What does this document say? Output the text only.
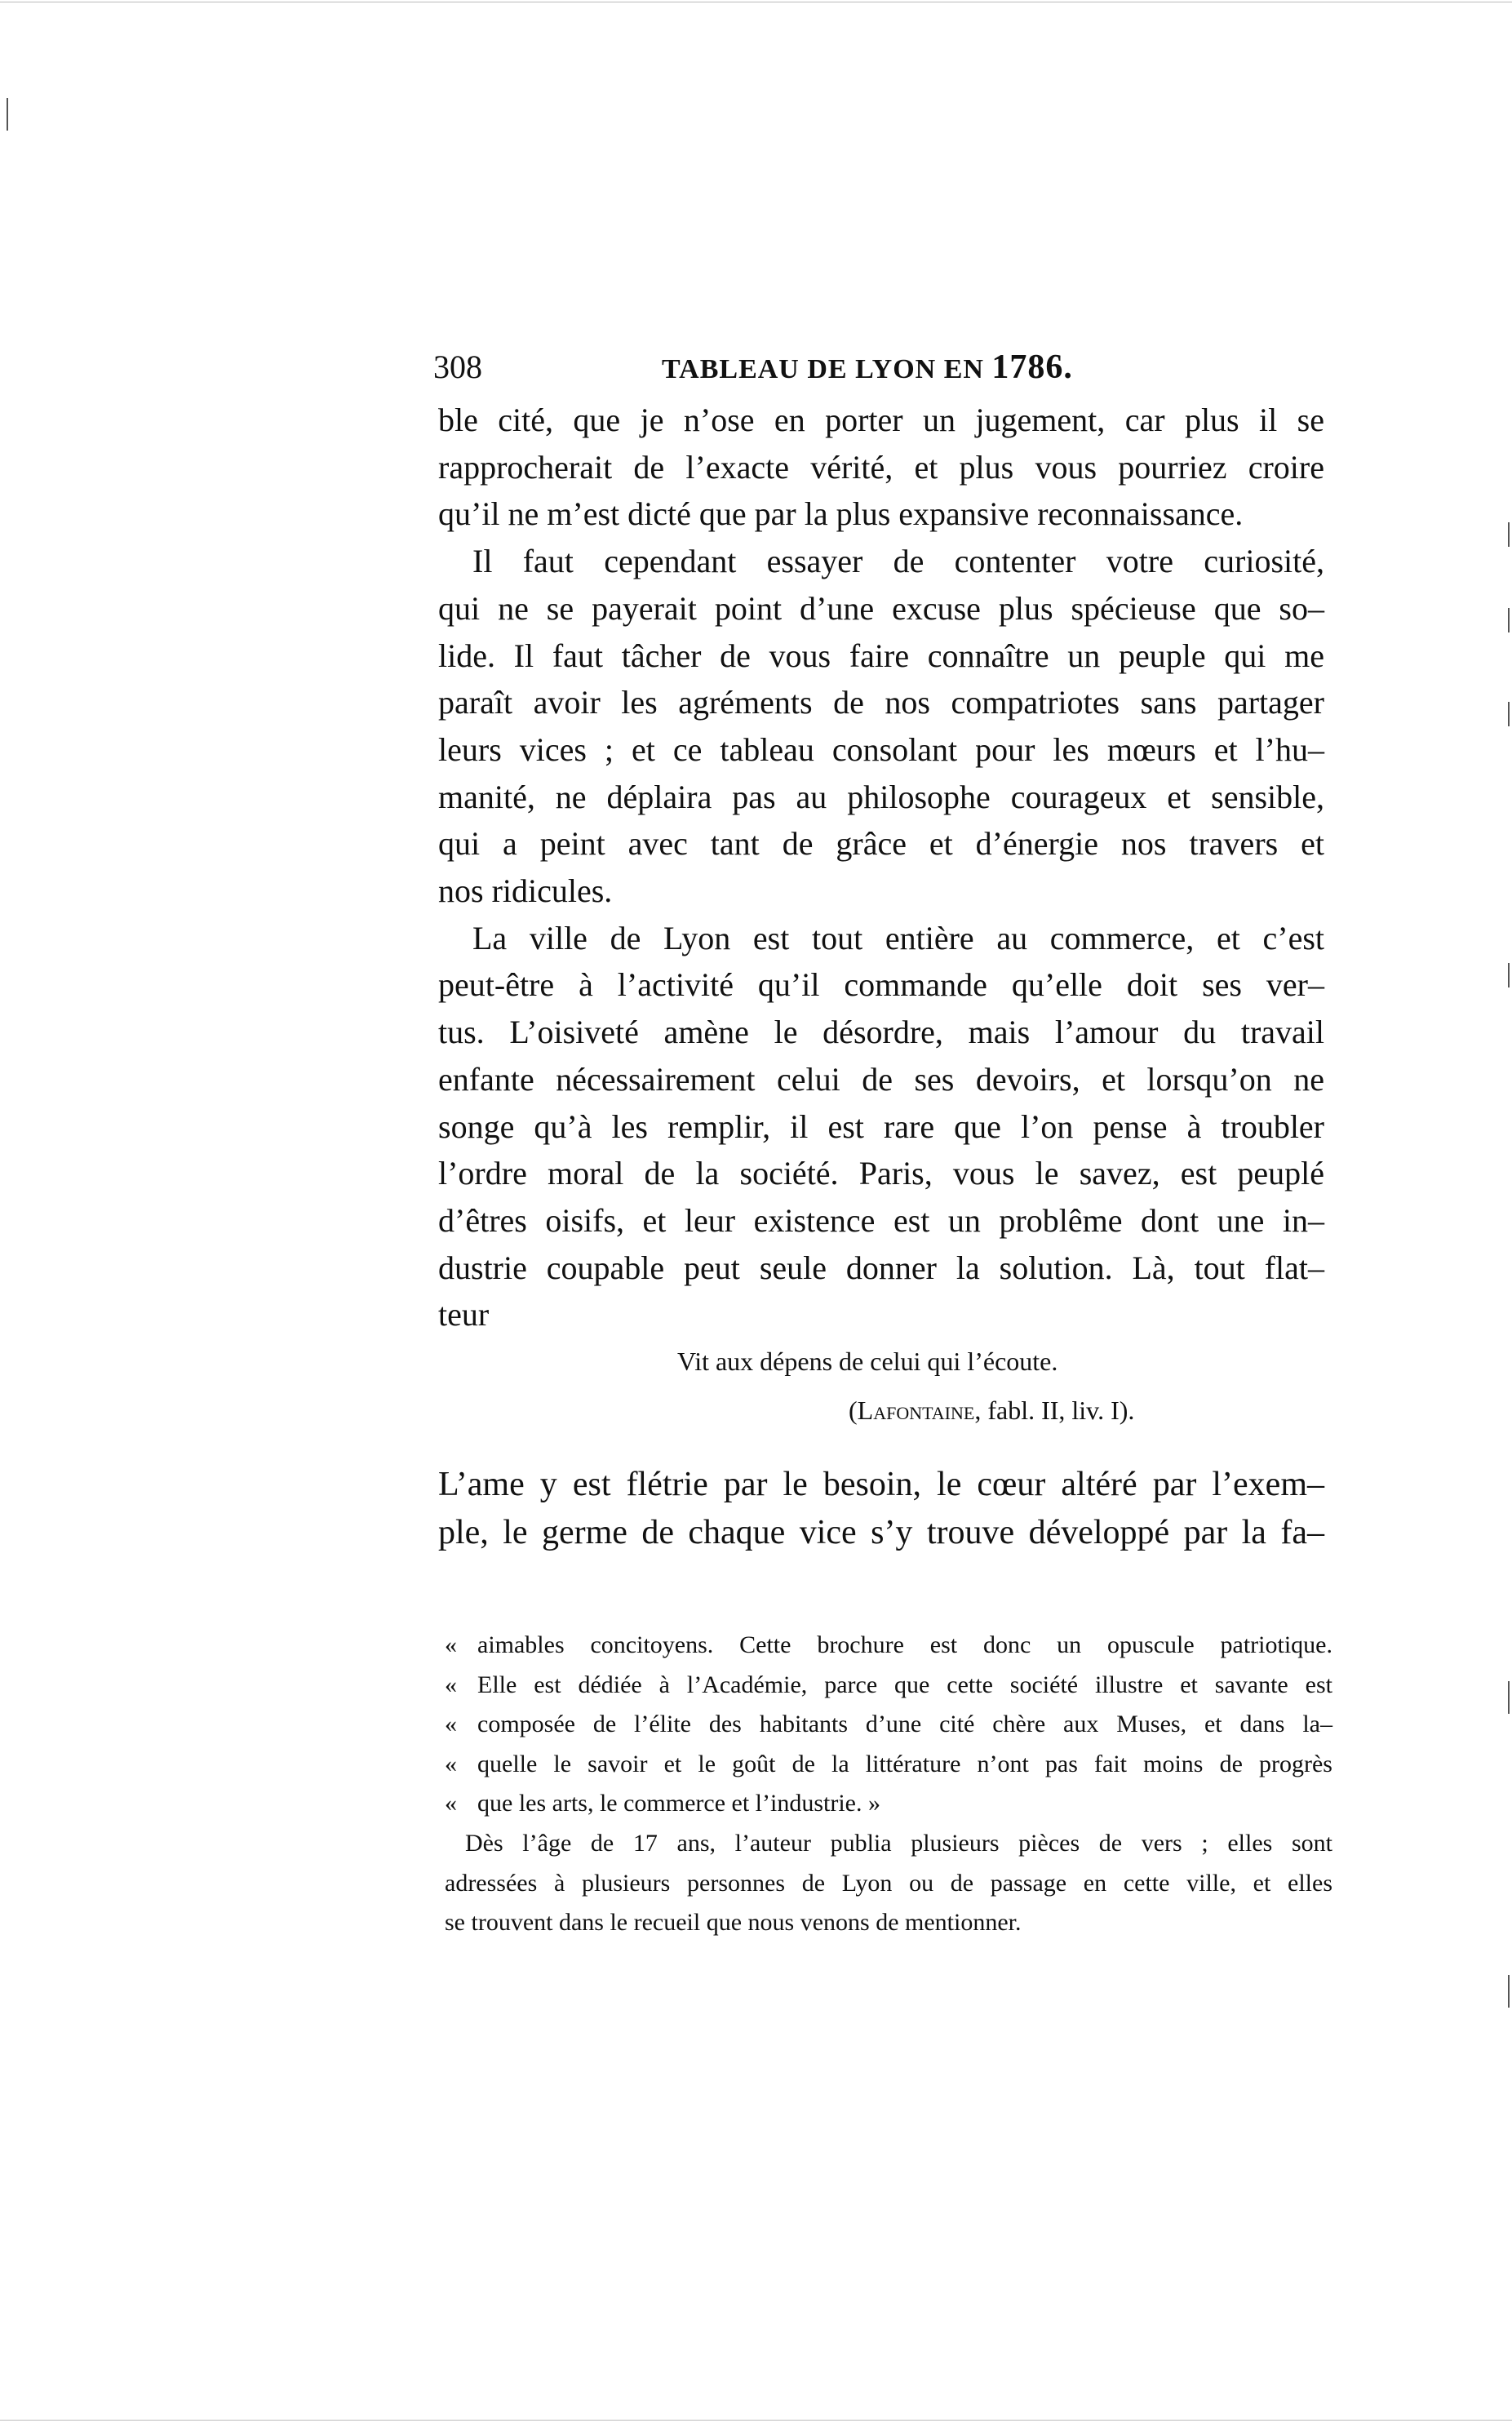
308	TABLEAU DE LYON EN 1786.
ble cité, que je n’ose en porter un jugement, car plus il se
rapprocherait de l’exacte vérité, et plus vous pourriez croire
qu’il ne m’est dicté que par la plus expansive reconnaissance.
Il faut cependant essayer de contenter votre curiosité,
qui ne se payerait point d’une excuse plus spécieuse que so–
lide. Il faut tâcher de vous faire connaître un peuple qui me
paraît avoir les agréments de nos compatriotes sans partager
leurs vices ; et ce tableau consolant pour les mœurs et l’hu–
manité, ne déplaira pas au philosophe courageux et sensible,
qui a peint avec tant de grâce et d’énergie nos travers et
nos ridicules.
La ville de Lyon est tout entière au commerce, et c’est
peut-être à l’activité qu’il commande qu’elle doit ses ver–
tus. L’oisiveté amène le désordre, mais l’amour du travail
enfante nécessairement celui de ses devoirs, et lorsqu’on ne
songe qu’à les remplir, il est rare que l’on pense à troubler
l’ordre moral de la société. Paris, vous le savez, est peuplé
d’êtres oisifs, et leur existence est un problême dont une in–
dustrie coupable peut seule donner la solution. Là, tout flat–
teur
Vit aux dépens de celui qui l’écoute.
(Lafontaine, fabl. II, liv. I).
L’ame y est flétrie par le besoin, le cœur altéré par l’exem–
ple, le germe de chaque vice s’y trouve développé par la fa–
« aimables concitoyens. Cette brochure est donc un opuscule patriotique.
« Elle est dédiée à l’Académie, parce que cette société illustre et savante est
« composée de l’élite des habitants d’une cité chère aux Muses, et dans la–
« quelle le savoir et le goût de la littérature n’ont pas fait moins de progrès
« que les arts, le commerce et l’industrie. »
Dès l’âge de 17 ans, l’auteur publia plusieurs pièces de vers ; elles sont
adressées à plusieurs personnes de Lyon ou de passage en cette ville, et elles
se trouvent dans le recueil que nous venons de mentionner.
